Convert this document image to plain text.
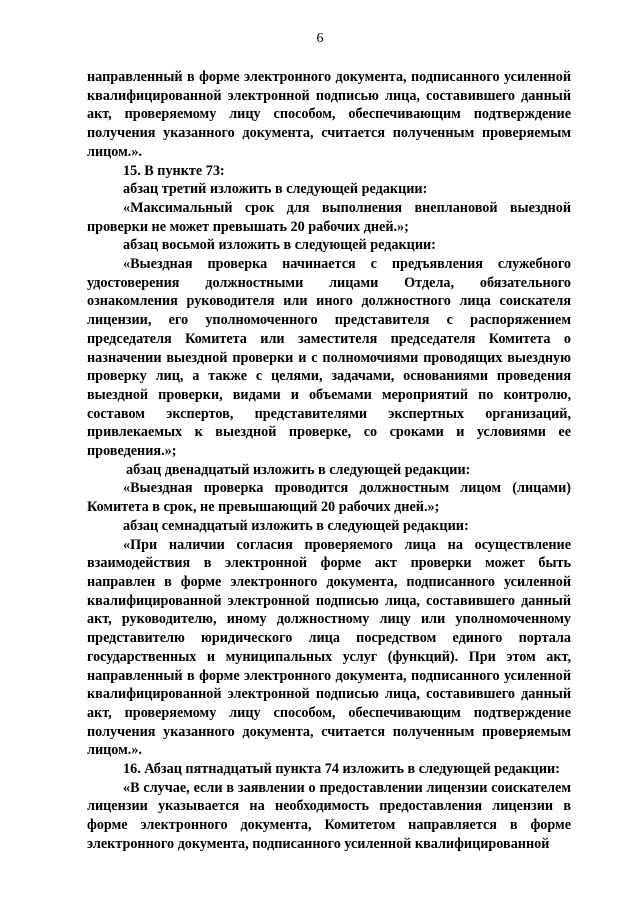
6

направленный в форме электронного документа, подписанного усиленной квалифицированной электронной подписью лица, составившего данный акт, проверяемому лицу способом, обеспечивающим подтверждение получения указанного документа, считается полученным проверяемым лицом.».

15. В пункте 73:

абзац третий изложить в следующей редакции:

«Максимальный срок для выполнения внеплановой выездной проверки не может превышать 20 рабочих дней.»;

абзац восьмой изложить в следующей редакции:

«Выездная проверка начинается с предъявления служебного удостоверения должностными лицами Отдела, обязательного ознакомления руководителя или иного должностного лица соискателя лицензии, его уполномоченного представителя с распоряжением председателя Комитета или заместителя председателя Комитета о назначении выездной проверки и с полномочиями проводящих выездную проверку лиц, а также с целями, задачами, основаниями проведения выездной проверки, видами и объемами мероприятий по контролю, составом экспертов, представителями экспертных организаций, привлекаемых к выездной проверке, со сроками и условиями ее проведения.»;

абзац двенадцатый изложить в следующей редакции:

«Выездная проверка проводится должностным лицом (лицами) Комитета в срок, не превышающий 20 рабочих дней.»;

абзац семнадцатый изложить в следующей редакции:

«При наличии согласия проверяемого лица на осуществление взаимодействия в электронной форме акт проверки может быть направлен в форме электронного документа, подписанного усиленной квалифицированной электронной подписью лица, составившего данный акт, руководителю, иному должностному лицу или уполномоченному представителю юридического лица посредством единого портала государственных и муниципальных услуг (функций). При этом акт, направленный в форме электронного документа, подписанного усиленной квалифицированной электронной подписью лица, составившего данный акт, проверяемому лицу способом, обеспечивающим подтверждение получения указанного документа, считается полученным проверяемым лицом.».

16. Абзац пятнадцатый пункта 74 изложить в следующей редакции:

«В случае, если в заявлении о предоставлении лицензии соискателем лицензии указывается на необходимость предоставления лицензии в форме электронного документа, Комитетом направляется в форме электронного документа, подписанного усиленной квалифицированной
